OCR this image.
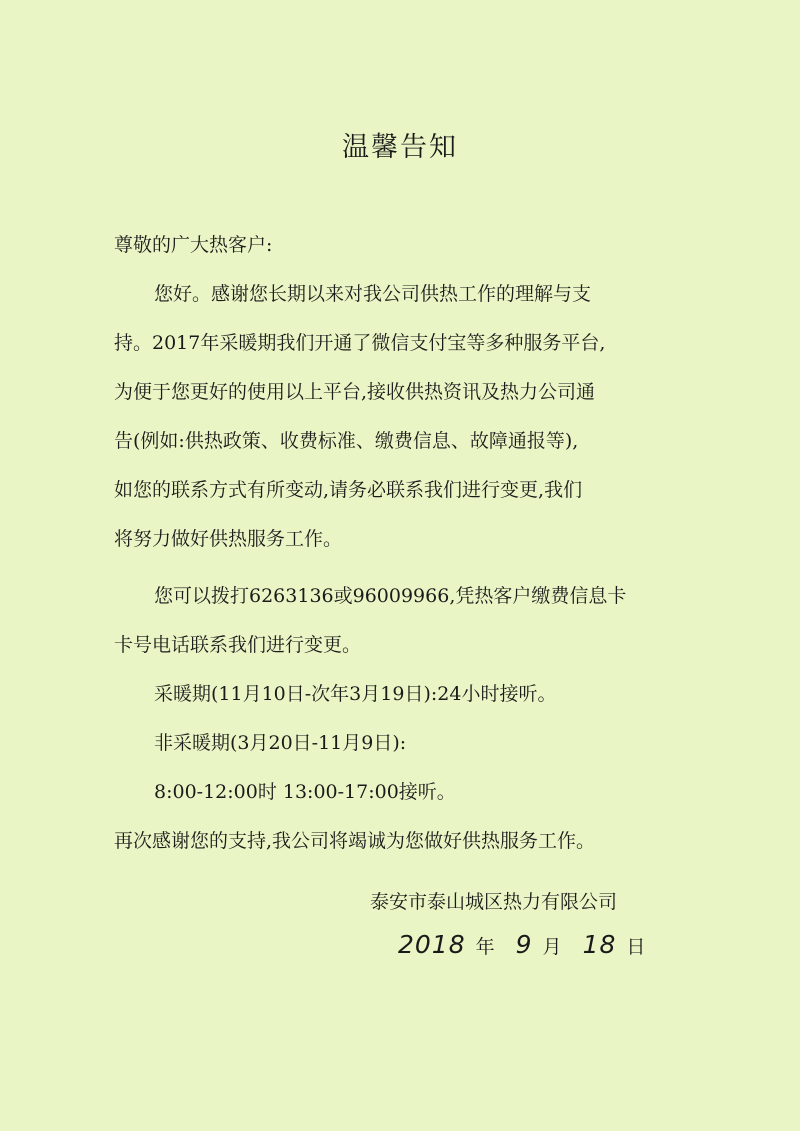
温馨告知
尊敬的广大热客户:
您好。感谢您长期以来对我公司供热工作的理解与支
持。2017年采暖期我们开通了微信支付宝等多种服务平台,
为便于您更好的使用以上平台,接收供热资讯及热力公司通
告(例如:供热政策、收费标准、缴费信息、故障通报等),
如您的联系方式有所变动,请务必联系我们进行变更,我们
将努力做好供热服务工作。
您可以拨打6263136或96009966,凭热客户缴费信息卡
卡号电话联系我们进行变更。
采暖期(11月10日-次年3月19日):24小时接听。
非采暖期(3月20日-11月9日):
8:00-12:00时 13:00-17:00接听。
再次感谢您的支持,我公司将竭诚为您做好供热服务工作。
泰安市泰山城区热力有限公司
2018 年 9 月 18 日
